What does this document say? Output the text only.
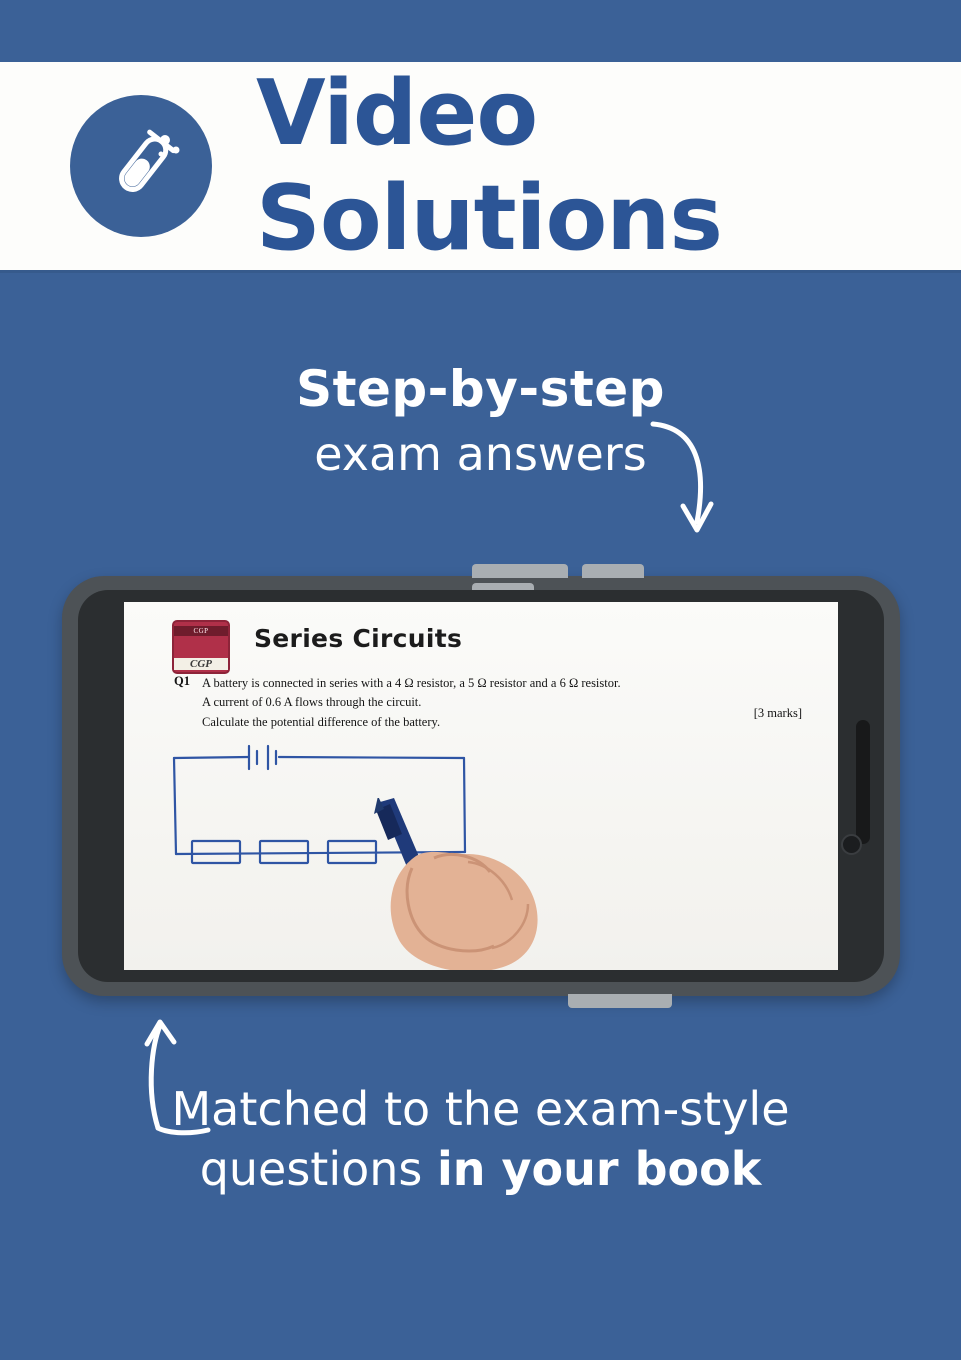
Video Solutions
Step-by-step
exam answers
CGP
CGP
Series Circuits
Q1 A battery is connected in series with a 4 Ω resistor, a 5 Ω resistor and a 6 Ω resistor.
A current of 0.6 A flows through the circuit.
Calculate the potential difference of the battery.
[3 marks]
Matched to the exam-style
questions in your book
